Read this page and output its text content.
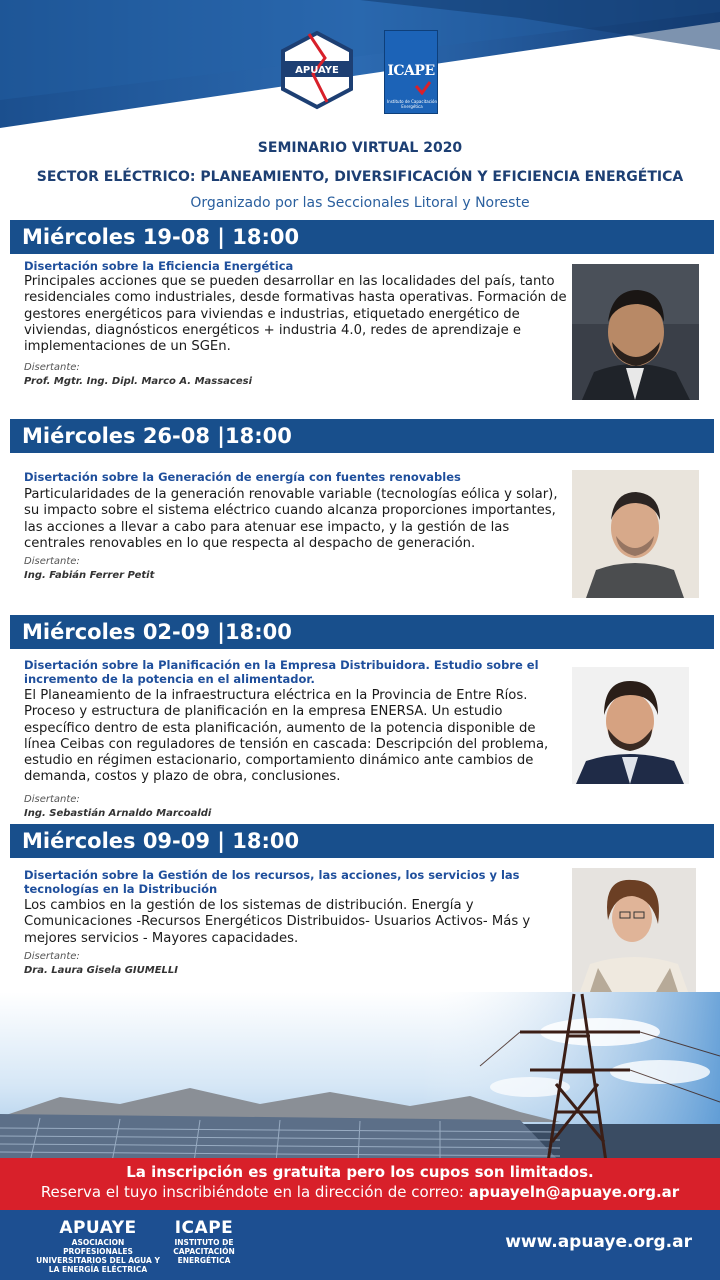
APUAYE	ICAPE
Instituto de Capacitación Energética
SEMINARIO VIRTUAL 2020
SECTOR ELÉCTRICO: PLANEAMIENTO, DIVERSIFICACIÓN Y EFICIENCIA ENERGÉTICA
Organizado por las Seccionales Litoral y Noreste
Miércoles 19-08 | 18:00
Disertación sobre la Eficiencia Energética
Principales acciones que se pueden desarrollar en las localidades del país, tanto residenciales como industriales, desde formativas hasta operativas. Formación de gestores energéticos para viviendas e industrias, etiquetado energético de viviendas, diagnósticos energéticos + industria 4.0, redes de aprendizaje e implementaciones de un SGEn.
Disertante:
Prof. Mgtr. Ing. Dipl. Marco A. Massacesi
Miércoles 26-08 |18:00
Disertación sobre la Generación de energía con fuentes renovables
Particularidades de la generación renovable variable (tecnologías eólica y solar), su impacto sobre el sistema eléctrico cuando alcanza proporciones importantes, las acciones a llevar a cabo para atenuar ese impacto, y la gestión de las centrales renovables en lo que respecta al despacho de generación.
Disertante:
Ing. Fabián Ferrer Petit
Miércoles 02-09 |18:00
Disertación sobre la Planificación en la Empresa Distribuidora. Estudio sobre el incremento de la potencia en el alimentador.
El Planeamiento de la infraestructura eléctrica en la Provincia de Entre Ríos. Proceso y estructura de planificación en la empresa ENERSA. Un estudio específico dentro de esta planificación, aumento de la potencia disponible de línea Ceibas con reguladores de tensión en cascada: Descripción del problema, estudio en régimen estacionario, comportamiento dinámico ante cambios de demanda, costos y plazo de obra, conclusiones.
Disertante:
Ing. Sebastián Arnaldo Marcoaldi
Miércoles 09-09 | 18:00
Disertación sobre la Gestión de los recursos, las acciones, los servicios y las tecnologías en la Distribución
Los cambios en la gestión de los sistemas de distribución. Energía y Comunicaciones -Recursos Energéticos Distribuidos- Usuarios Activos- Más y mejores servicios - Mayores capacidades.
Disertante:
Dra. Laura Gisela GIUMELLI
La inscripción es gratuita pero los cupos son limitados.
Reserva el tuyo inscribiéndote en la dirección de correo: apuayeln@apuaye.org.ar
APUAYE
ASOCIACION PROFESIONALES UNIVERSITARIOS DEL AGUA Y LA ENERGÍA ELÉCTRICA
ICAPE
INSTITUTO DE CAPACITACIÓN ENERGÉTICA
www.apuaye.org.ar
